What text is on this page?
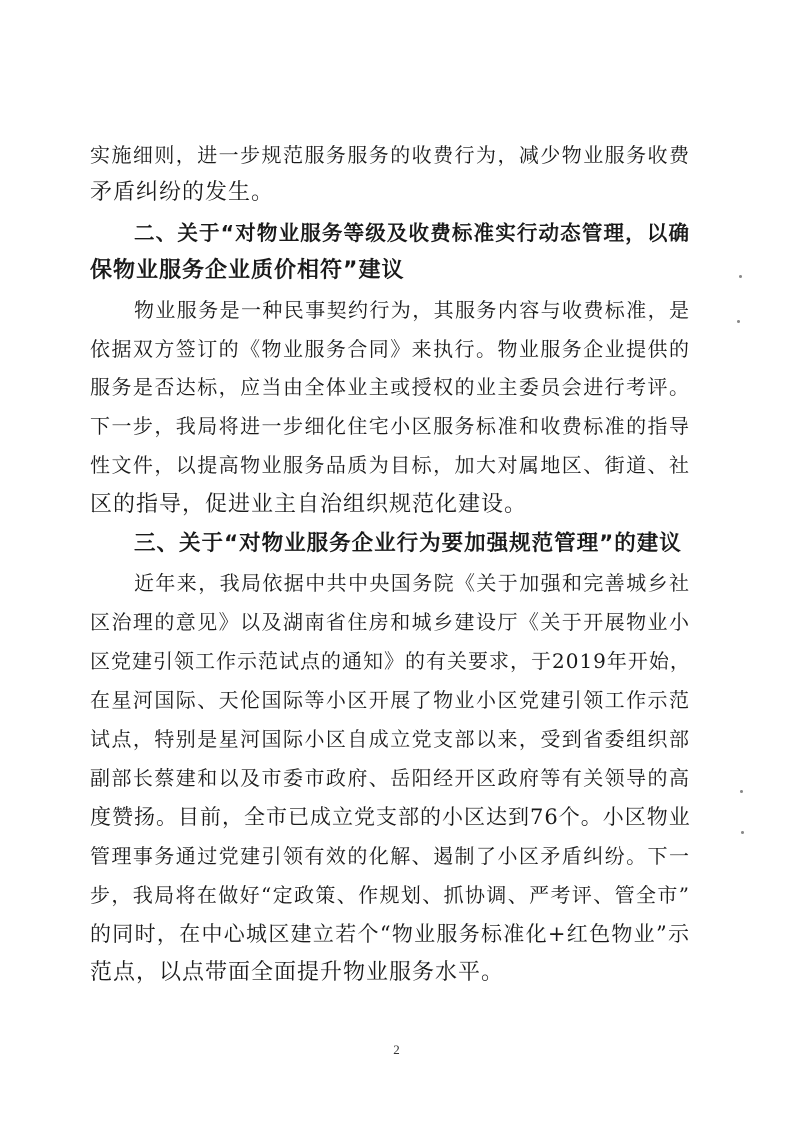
实施细则，进一步规范服务服务的收费行为，减少物业服务收费
矛盾纠纷的发生。
二、关于“对物业服务等级及收费标准实行动态管理，以确
保物业服务企业质价相符”建议
物业服务是一种民事契约行为，其服务内容与收费标准，是
依据双方签订的《物业服务合同》来执行。物业服务企业提供的
服务是否达标，应当由全体业主或授权的业主委员会进行考评。
下一步，我局将进一步细化住宅小区服务标准和收费标准的指导
性文件，以提高物业服务品质为目标，加大对属地区、街道、社
区的指导，促进业主自治组织规范化建设。
三、关于“对物业服务企业行为要加强规范管理”的建议
近年来，我局依据中共中央国务院《关于加强和完善城乡社
区治理的意见》以及湖南省住房和城乡建设厅《关于开展物业小
区党建引领工作示范试点的通知》的有关要求，于2019年开始，
在星河国际、天伦国际等小区开展了物业小区党建引领工作示范
试点，特别是星河国际小区自成立党支部以来，受到省委组织部
副部长蔡建和以及市委市政府、岳阳经开区政府等有关领导的高
度赞扬。目前，全市已成立党支部的小区达到76个。小区物业
管理事务通过党建引领有效的化解、遏制了小区矛盾纠纷。下一
步，我局将在做好“定政策、作规划、抓协调、严考评、管全市”
的同时，在中心城区建立若个“物业服务标准化+红色物业”示
范点，以点带面全面提升物业服务水平。
2
